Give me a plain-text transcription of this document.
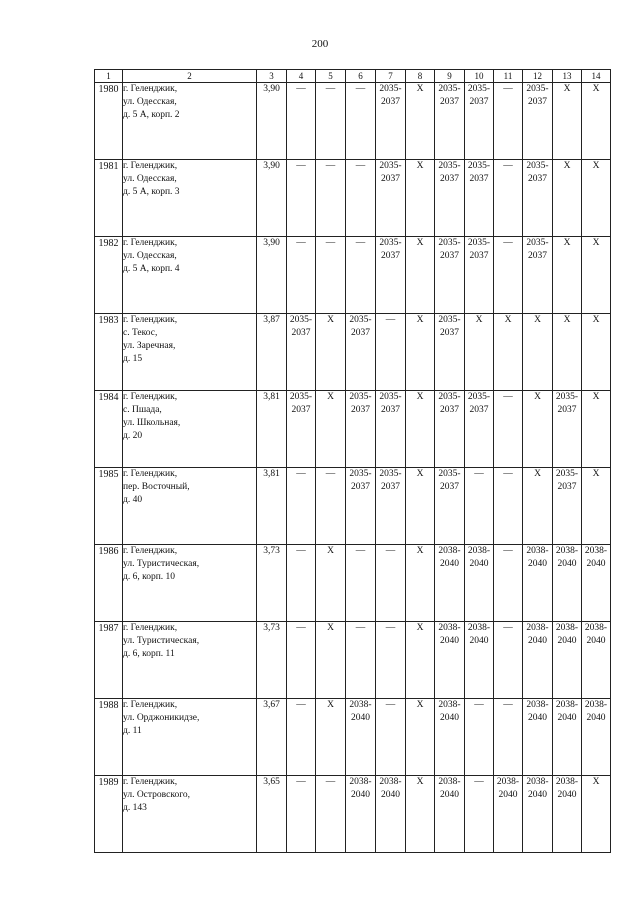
200
1	2	3	4	5	6	7	8	9	10	11	12	13	14
1980	г. Геленджик,
ул. Одесская,
д. 5 А, корп. 2	3,90	—	—	—	2035-
2037	Х	2035-
2037	2035-
2037	—	2035-
2037	Х	Х
1981	г. Геленджик,
ул. Одесская,
д. 5 А, корп. 3	3,90	—	—	—	2035-
2037	Х	2035-
2037	2035-
2037	—	2035-
2037	Х	Х
1982	г. Геленджик,
ул. Одесская,
д. 5 А, корп. 4	3,90	—	—	—	2035-
2037	Х	2035-
2037	2035-
2037	—	2035-
2037	Х	Х
1983	г. Геленджик,
с. Текос,
ул. Заречная,
д. 15	3,87	2035-
2037	Х	2035-
2037	—	Х	2035-
2037	Х	Х	Х	Х	Х
1984	г. Геленджик,
с. Пшада,
ул. Школьная,
д. 20	3,81	2035-
2037	Х	2035-
2037	2035-
2037	Х	2035-
2037	2035-
2037	—	Х	2035-
2037	Х
1985	г. Геленджик,
пер. Восточный,
д. 40	3,81	—	—	2035-
2037	2035-
2037	Х	2035-
2037	—	—	Х	2035-
2037	Х
1986	г. Геленджик,
ул. Туристическая,
д. 6, корп. 10	3,73	—	Х	—	—	Х	2038-
2040	2038-
2040	—	2038-
2040	2038-
2040	2038-
2040

1987	г. Геленджик,
ул. Туристическая,
д. 6, корп. 11	3,73	—	Х	—	—	Х	2038-
2040	2038-
2040	—	2038-
2040	2038-
2040	2038-
2040

1988	г. Геленджик,
ул. Орджоникидзе,
д. 11	3,67	—	Х	2038-
2040	—	Х	2038-
2040	—	—	2038-
2040	2038-
2040	2038-
2040

1989	г. Геленджик,
ул. Островского,
д. 143	3,65	—	—	2038-
2040	2038-
2040	Х	2038-
2040	—	2038-
2040	2038-
2040	2038-
2040	Х
